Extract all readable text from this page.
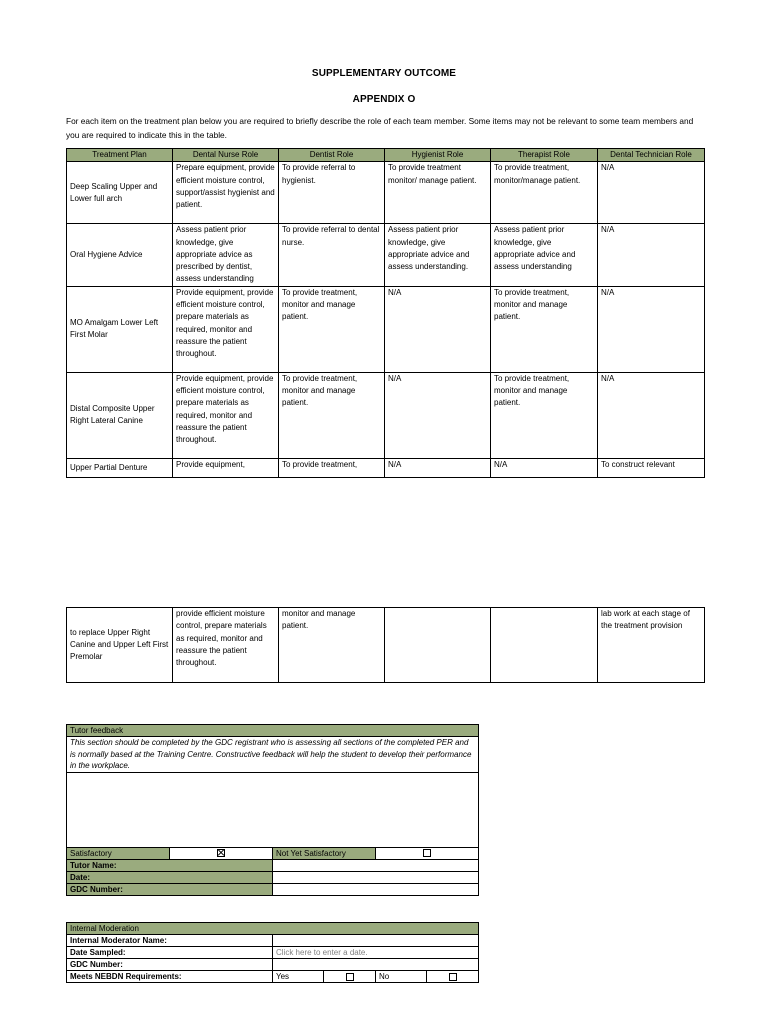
SUPPLEMENTARY OUTCOME
APPENDIX O
For each item on the treatment plan below you are required to briefly describe the role of each team member. Some items may not be relevant to some team members and you are required to indicate this in the table.
Treatment Plan	Dental Nurse Role	Dentist Role	Hygienist Role	Therapist Role	Dental Technician Role
Deep Scaling Upper and Lower full arch	Prepare equipment, provide efficient moisture control, support/assist hygienist and patient.	To provide referral to hygienist.	To provide treatment monitor/ manage patient.	To provide treatment, monitor/manage patient.	N/A
Oral Hygiene Advice	Assess patient prior knowledge, give appropriate advice as prescribed by dentist, assess understanding	To provide referral to dental nurse.	Assess patient prior knowledge, give appropriate advice and assess understanding.	Assess patient prior knowledge, give appropriate advice and assess understanding	N/A
MO Amalgam Lower Left First Molar	Provide equipment, provide efficient moisture control, prepare materials as required, monitor and reassure the patient throughout.	To provide treatment, monitor and manage patient.	N/A	To provide treatment, monitor and manage patient.	N/A
Distal Composite Upper Right Lateral Canine	Provide equipment, provide efficient moisture control, prepare materials as required, monitor and reassure the patient throughout.	To provide treatment, monitor and manage patient.	N/A	To provide treatment, monitor and manage patient.	N/A
Upper Partial Denture	Provide equipment,	To provide treatment,	N/A	N/A	To construct relevant
to replace Upper Right Canine and Upper Left First Premolar	provide efficient moisture control, prepare materials as required, monitor and reassure the patient throughout.	monitor and manage patient.			lab work at each stage of the treatment provision
Tutor feedback			
This section should be completed by the GDC registrant who is assessing all sections of the completed PER and is normally based at the Training Centre. Constructive feedback will help the student to develop their performance in the workplace.			

Satisfactory		Not Yet Satisfactory	
Tutor Name:			
Date:			
GDC Number:			
Internal Moderation				
Internal Moderator Name:				
Date Sampled:	Click here to enter a date.			
GDC Number:				
Meets NEBDN Requirements:	Yes		No	
